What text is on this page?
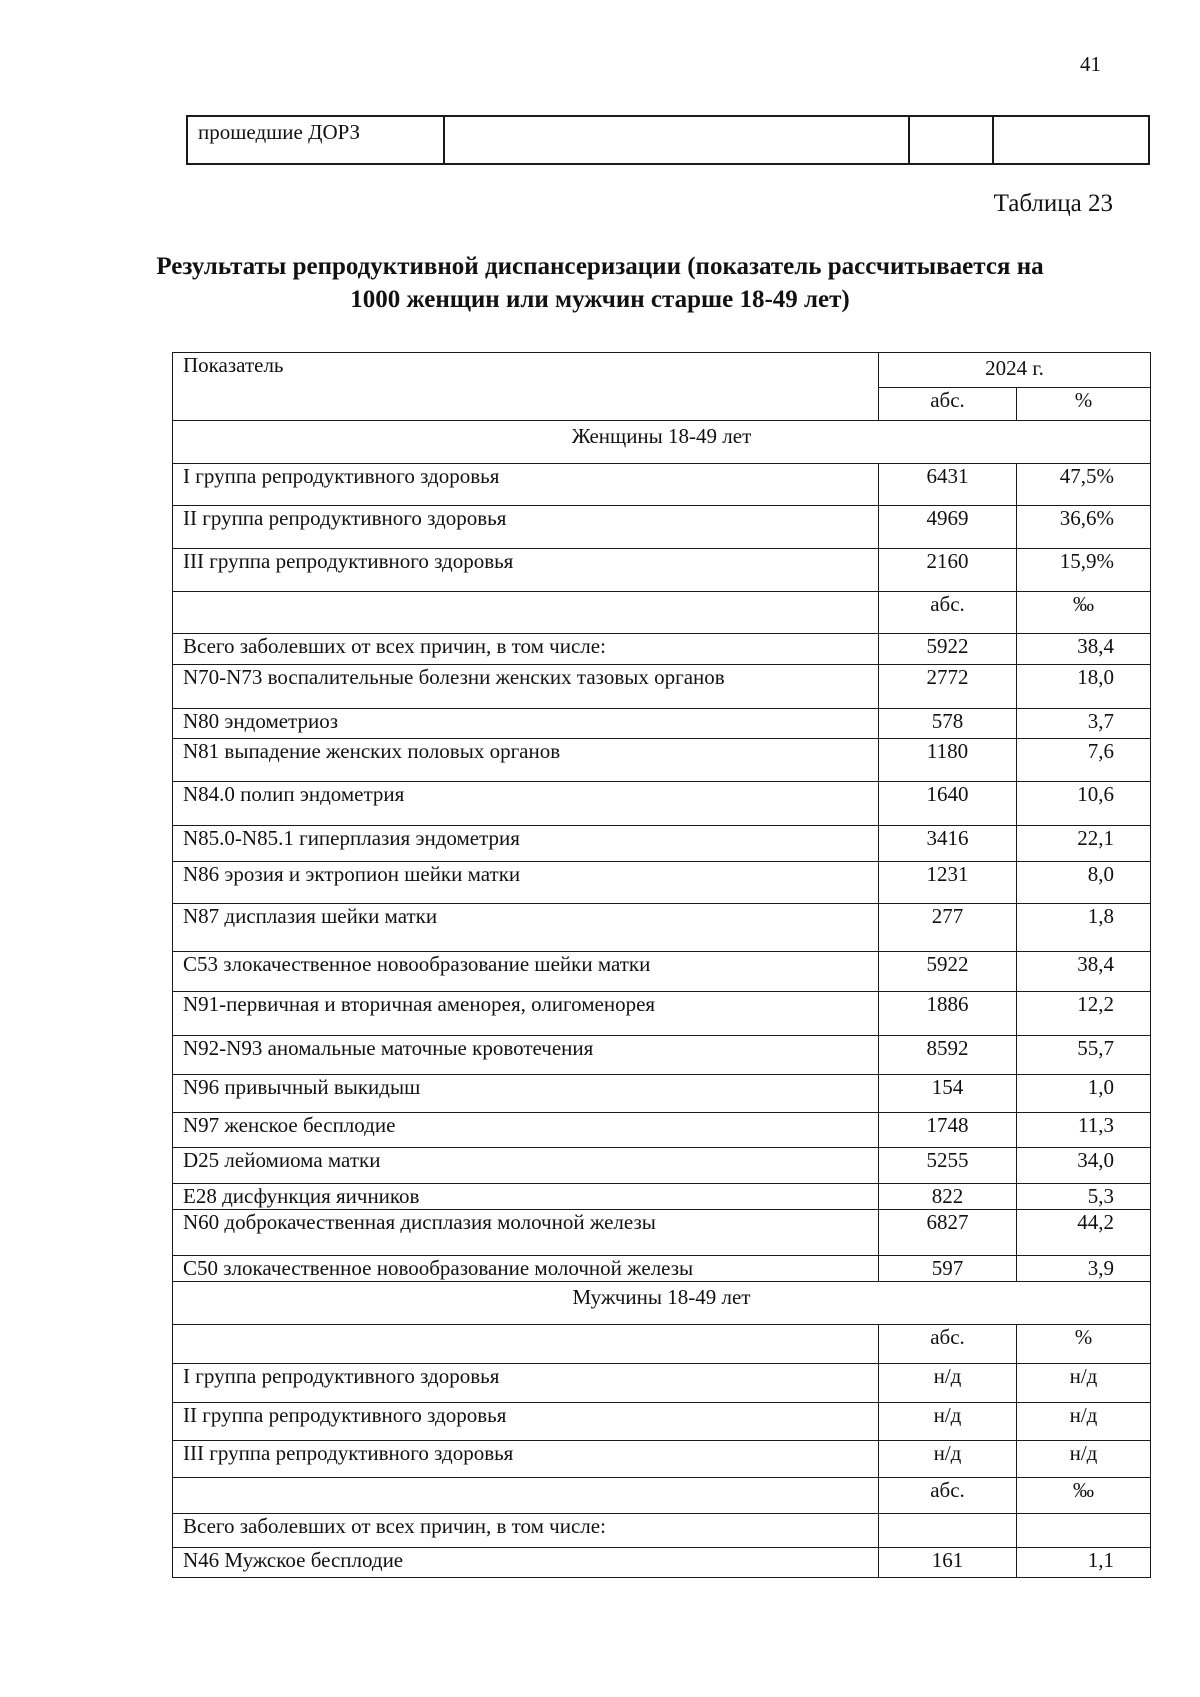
41
прошедшие ДОРЗ			
Таблица 23
Результаты репродуктивной диспансеризации (показатель рассчитывается на 1000 женщин или мужчин старше 18-49 лет)
Показатель	2024 г.	
	абс.	%
Женщины 18-49 лет		
I группа репродуктивного здоровья	6431	47,5%
II группа репродуктивного здоровья	4969	36,6%
III группа репродуктивного здоровья	2160	15,9%
	абс.	‰
Всего заболевших от всех причин, в том числе:	5922	38,4
N70-N73 воспалительные болезни женских тазовых органов	2772	18,0
N80 эндометриоз	578	3,7
N81 выпадение женских половых органов	1180	7,6
N84.0 полип эндометрия	1640	10,6
N85.0-N85.1 гиперплазия эндометрия	3416	22,1
N86 эрозия и эктропион шейки матки	1231	8,0
N87 дисплазия шейки матки	277	1,8
C53 злокачественное новообразование шейки матки	5922	38,4
N91-первичная и вторичная аменорея, олигоменорея	1886	12,2
N92-N93 аномальные маточные кровотечения	8592	55,7
N96 привычный выкидыш	154	1,0
N97 женское бесплодие	1748	11,3
D25 лейомиома матки	5255	34,0
E28 дисфункция яичников	822	5,3
N60 доброкачественная дисплазия молочной железы	6827	44,2
C50 злокачественное новообразование молочной железы	597	3,9
Мужчины 18-49 лет		
	абс.	%
I группа репродуктивного здоровья	н/д	н/д
II группа репродуктивного здоровья	н/д	н/д
III группа репродуктивного здоровья	н/д	н/д
	абс.	‰
Всего заболевших от всех причин, в том числе:		
N46 Мужское бесплодие	161	1,1
